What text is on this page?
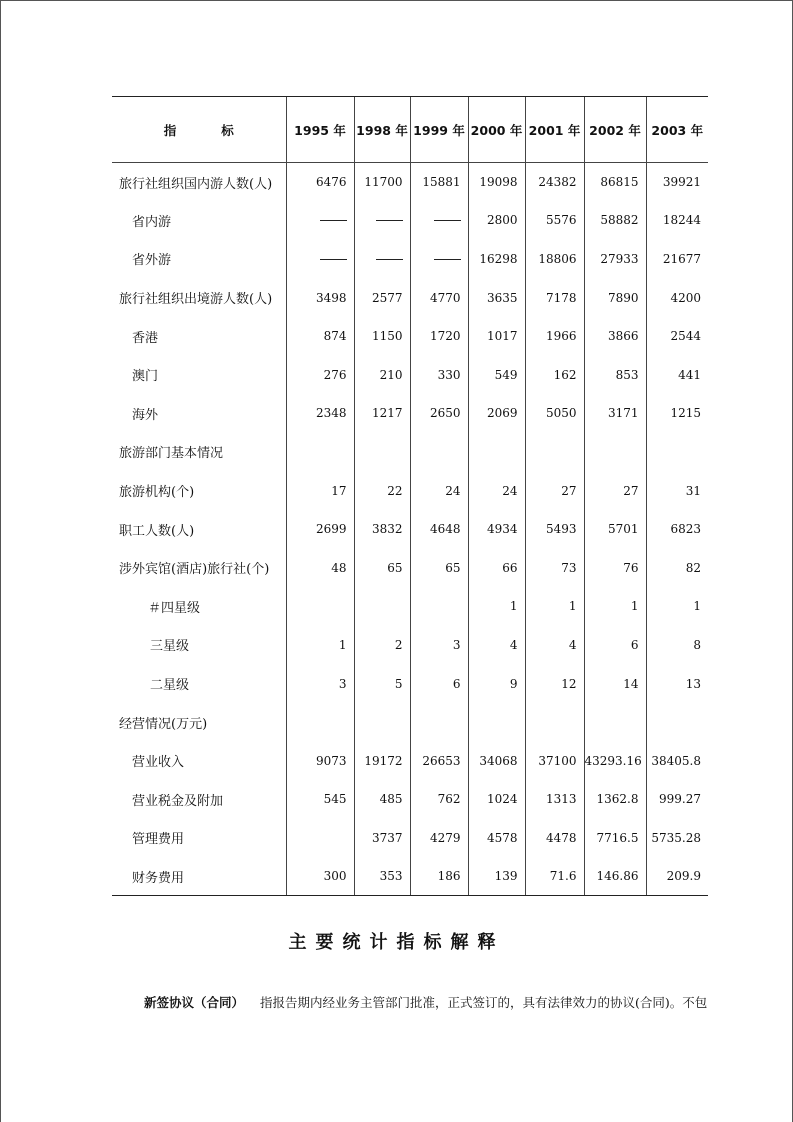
指 标	1995 年	1998 年	1999 年	2000 年	2001 年	2002 年	2003 年
旅行社组织国内游人数(人)	6476	11700	15881	19098	24382	86815	39921
省内游				2800	5576	58882	18244
省外游				16298	18806	27933	21677
旅行社组织出境游人数(人)	3498	2577	4770	3635	7178	7890	4200
香港	874	1150	1720	1017	1966	3866	2544
澳门	276	210	330	549	162	853	441
海外	2348	1217	2650	2069	5050	3171	1215
旅游部门基本情况							
旅游机构(个)	17	22	24	24	27	27	31
职工人数(人)	2699	3832	4648	4934	5493	5701	6823
涉外宾馆(酒店)旅行社(个)	48	65	65	66	73	76	82
＃四星级				1	1	1	1
三星级	1	2	3	4	4	6	8
二星级	3	5	6	9	12	14	13
经营情况(万元)							
营业收入	9073	19172	26653	34068	37100	43293.16	38405.8
营业税金及附加	545	485	762	1024	1313	1362.8	999.27
管理费用		3737	4279	4578	4478	7716.5	5735.28
财务费用	300	353	186	139	71.6	146.86	209.9
主要统计指标解释
新签协议（合同） 指报告期内经业务主管部门批准，正式签订的，具有法律效力的协议(合同)。不包
